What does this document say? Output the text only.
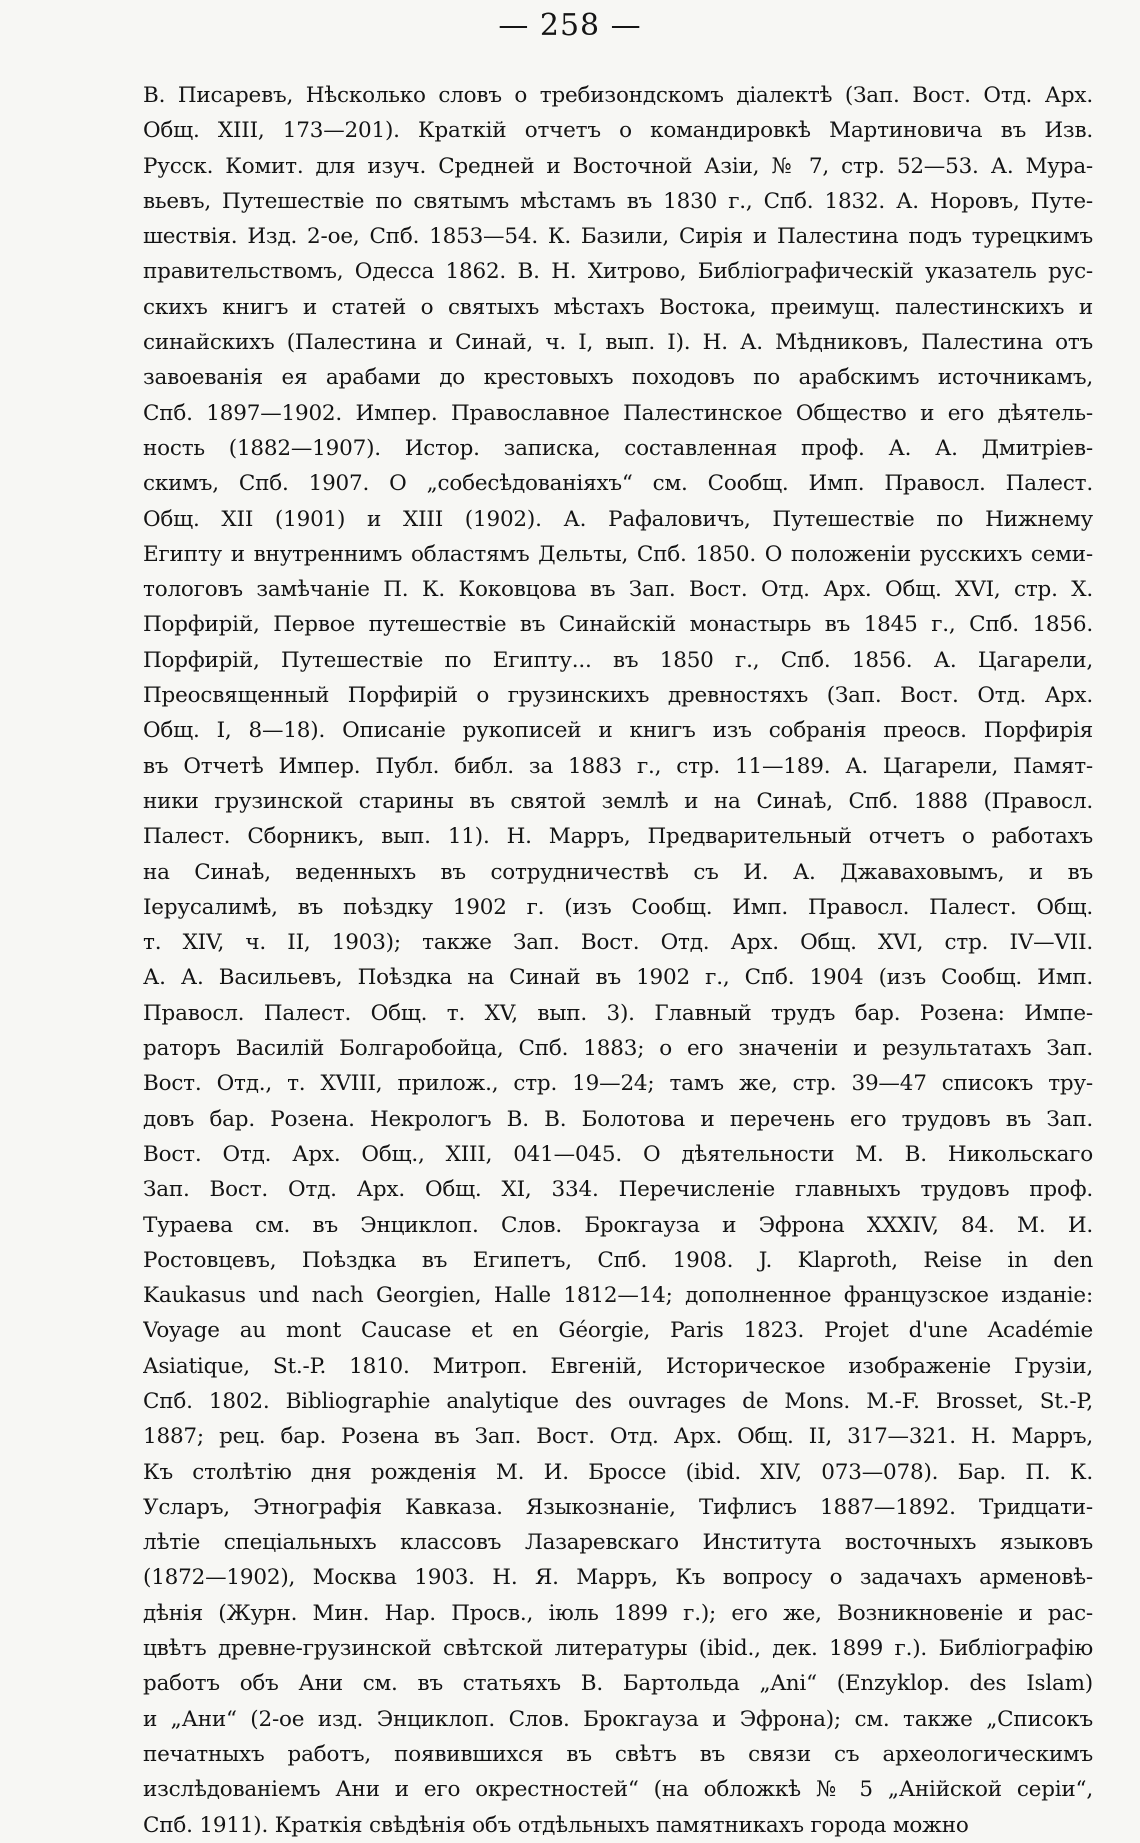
— 258 —
В. Писаревъ, Нѣсколько словъ о требизондскомъ діалектѣ (Зап. Вост. Отд. Арх.
Общ. XIII, 173—201). Краткій отчетъ о командировкѣ Мартиновича въ Изв.
Русск. Комит. для изуч. Средней и Восточной Азіи, № 7, стр. 52—53. А. Мура-
вьевъ, Путешествіе по святымъ мѣстамъ въ 1830 г., Спб. 1832. А. Норовъ, Путе-
шествія. Изд. 2-ое, Спб. 1853—54. К. Базили, Сирія и Палестина подъ турецкимъ
правительствомъ, Одесса 1862. В. Н. Хитрово, Библіографическій указатель рус-
скихъ книгъ и статей о святыхъ мѣстахъ Востока, преимущ. палестинскихъ и
синайскихъ (Палестина и Синай, ч. I, вып. I). Н. А. Мѣдниковъ, Палестина отъ
завоеванія ея арабами до крестовыхъ походовъ по арабскимъ источникамъ,
Спб. 1897—1902. Импер. Православное Палестинское Общество и его дѣятель-
ность (1882—1907). Истор. записка, составленная проф. А. А. Дмитріев-
скимъ, Спб. 1907. О „собесѣдованіяхъ“ см. Сообщ. Имп. Правосл. Палест.
Общ. XII (1901) и XIII (1902). А. Рафаловичъ, Путешествіе по Нижнему
Египту и внутреннимъ областямъ Дельты, Спб. 1850. О положеніи русскихъ семи-
тологовъ замѣчаніе П. К. Коковцова въ Зап. Вост. Отд. Арх. Общ. XVI, стр. X.
Порфирій, Первое путешествіе въ Синайскій монастырь въ 1845 г., Спб. 1856.
Порфирій, Путешествіе по Египту... въ 1850 г., Спб. 1856. А. Цагарели,
Преосвященный Порфирій о грузинскихъ древностяхъ (Зап. Вост. Отд. Арх.
Общ. I, 8—18). Описаніе рукописей и книгъ изъ собранія преосв. Порфирія
въ Отчетѣ Импер. Публ. библ. за 1883 г., стр. 11—189. А. Цагарели, Памят-
ники грузинской старины въ святой землѣ и на Синаѣ, Спб. 1888 (Правосл.
Палест. Сборникъ, вып. 11). Н. Марръ, Предварительный отчетъ о работахъ
на Синаѣ, веденныхъ въ сотрудничествѣ съ И. А. Джаваховымъ, и въ
Іерусалимѣ, въ поѣздку 1902 г. (изъ Сообщ. Имп. Правосл. Палест. Общ.
т. XIV, ч. II, 1903); также Зап. Вост. Отд. Арх. Общ. XVI, стр. IV—VII.
А. А. Васильевъ, Поѣздка на Синай въ 1902 г., Спб. 1904 (изъ Сообщ. Имп.
Правосл. Палест. Общ. т. XV, вып. 3). Главный трудъ бар. Розена: Импе-
раторъ Василій Болгаробойца, Спб. 1883; о его значеніи и результатахъ Зап.
Вост. Отд., т. XVIII, прилож., стр. 19—24; тамъ же, стр. 39—47 списокъ тру-
довъ бар. Розена. Некрологъ В. В. Болотова и перечень его трудовъ въ Зап.
Вост. Отд. Арх. Общ., XIII, 041—045. О дѣятельности М. В. Никольскаго
Зап. Вост. Отд. Арх. Общ. XI, 334. Перечисленіе главныхъ трудовъ проф.
Тураева см. въ Энциклоп. Слов. Брокгауза и Эфрона XXXIV, 84. М. И.
Ростовцевъ, Поѣздка въ Египетъ, Спб. 1908. J. Klaproth, Reise in den
Kaukasus und nach Georgien, Halle 1812—14; дополненное французское изданіе:
Voyage au mont Caucase et en Géorgie, Paris 1823. Projet d'une Académie
Asiatique, St.-P. 1810. Митроп. Евгеній, Историческое изображеніе Грузіи,
Спб. 1802. Bibliographie analytique des ouvrages de Mons. M.-F. Brosset, St.-P,
1887; рец. бар. Розена въ Зап. Вост. Отд. Арх. Общ. II, 317—321. Н. Марръ,
Къ столѣтію дня рожденія М. И. Броссе (ibid. XIV, 073—078). Бар. П. К.
Усларъ, Этнографія Кавказа. Языкознаніе, Тифлисъ 1887—1892. Тридцати-
лѣтіе спеціальныхъ классовъ Лазаревскаго Института восточныхъ языковъ
(1872—1902), Москва 1903. Н. Я. Марръ, Къ вопросу о задачахъ арменовѣ-
дѣнія (Журн. Мин. Нар. Просв., іюль 1899 г.); его же, Возникновеніе и рас-
цвѣтъ древне-грузинской свѣтской литературы (ibid., дек. 1899 г.). Библіографію
работъ объ Ани см. въ статьяхъ В. Бартольда „Ani“ (Enzyklop. des Islam)
и „Ани“ (2-ое изд. Энциклоп. Слов. Брокгауза и Эфрона); см. также „Списокъ
печатныхъ работъ, появившихся въ свѣтъ въ связи съ археологическимъ
изслѣдованіемъ Ани и его окрестностей“ (на обложкѣ № 5 „Анійской серіи“,
Спб. 1911). Краткія свѣдѣнія объ отдѣльныхъ памятникахъ города можно
